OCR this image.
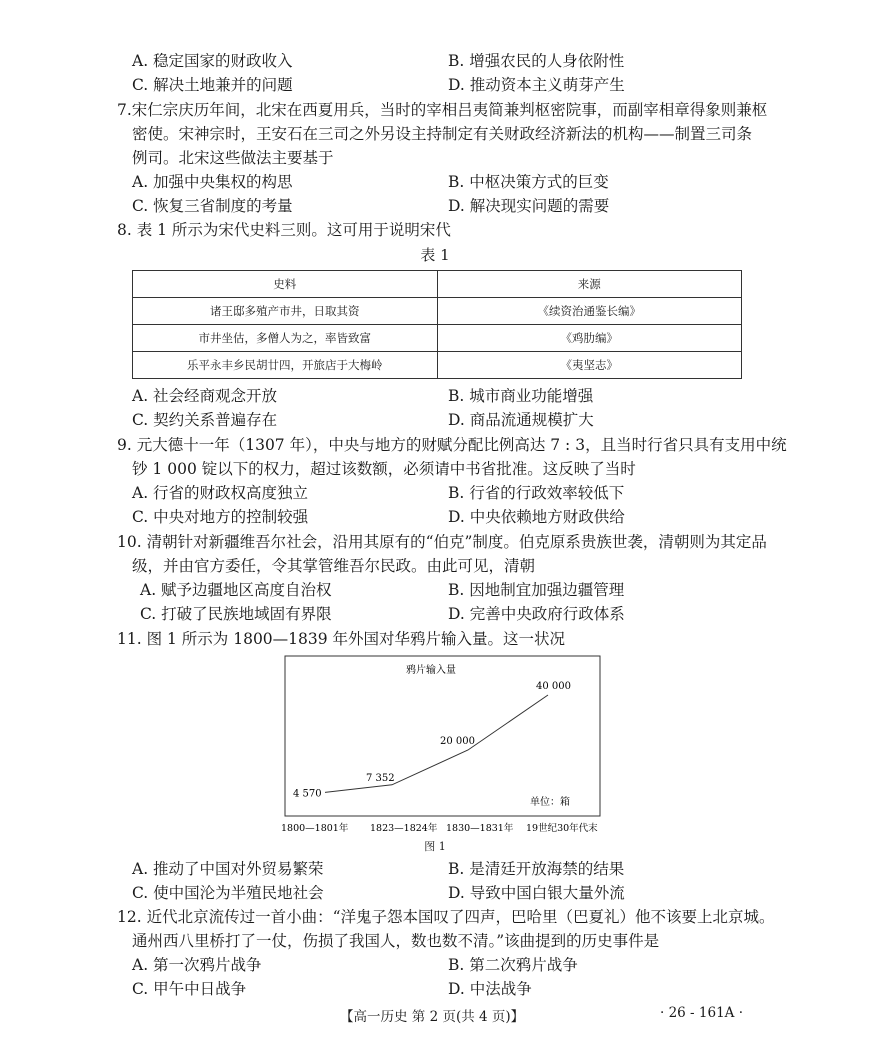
A. 稳定国家的财政收入	B. 增强农民的人身依附性
C. 解决土地兼并的问题	D. 推动资本主义萌芽产生
7.宋仁宗庆历年间，北宋在西夏用兵，当时的宰相吕夷简兼判枢密院事，而副宰相章得象则兼枢
密使。宋神宗时，王安石在三司之外另设主持制定有关财政经济新法的机构——制置三司条
例司。北宋这些做法主要基于
A. 加强中央集权的构思	B. 中枢决策方式的巨变
C. 恢复三省制度的考量	D. 解决现实问题的需要
8. 表 1 所示为宋代史料三则。这可用于说明宋代
表 1
史料	来源
诸王邸多殖产市井，日取其资	《续资治通鉴长编》
市井坐估，多僧人为之，率皆致富	《鸡肋编》
乐平永丰乡民胡廿四，开旅店于大梅岭	《夷坚志》
A. 社会经商观念开放	B. 城市商业功能增强
C. 契约关系普遍存在	D. 商品流通规模扩大
9. 元大德十一年（1307 年），中央与地方的财赋分配比例高达 7 : 3，且当时行省只具有支用中统
钞 1 000 锭以下的权力，超过该数额，必须请中书省批准。这反映了当时
A. 行省的财政权高度独立	B. 行省的行政效率较低下
C. 中央对地方的控制较强	D. 中央依赖地方财政供给
10. 清朝针对新疆维吾尔社会，沿用其原有的“伯克”制度。伯克原系贵族世袭，清朝则为其定品
级，并由官方委任，令其掌管维吾尔民政。由此可见，清朝
A. 赋予边疆地区高度自治权	B. 因地制宜加强边疆管理
C. 打破了民族地域固有界限	D. 完善中央政府行政体系
11. 图 1 所示为 1800—1839 年外国对华鸦片输入量。这一状况
鸦片输入量
单位：箱
4 570
7 352
20 000
40 000
1800—1801年 1823—1824年 1830—1831年 19世纪30年代末
图 1
A. 推动了中国对外贸易繁荣	B. 是清廷开放海禁的结果
C. 使中国沦为半殖民地社会	D. 导致中国白银大量外流
12. 近代北京流传过一首小曲：“洋鬼子怨本国叹了四声，巴哈里（巴夏礼）他不该要上北京城。
通州西八里桥打了一仗，伤损了我国人，数也数不清。”该曲提到的历史事件是
A. 第一次鸦片战争	B. 第二次鸦片战争
C. 甲午中日战争	D. 中法战争
【高一历史 第 2 页(共 4 页)】	· 26 - 161A ·
